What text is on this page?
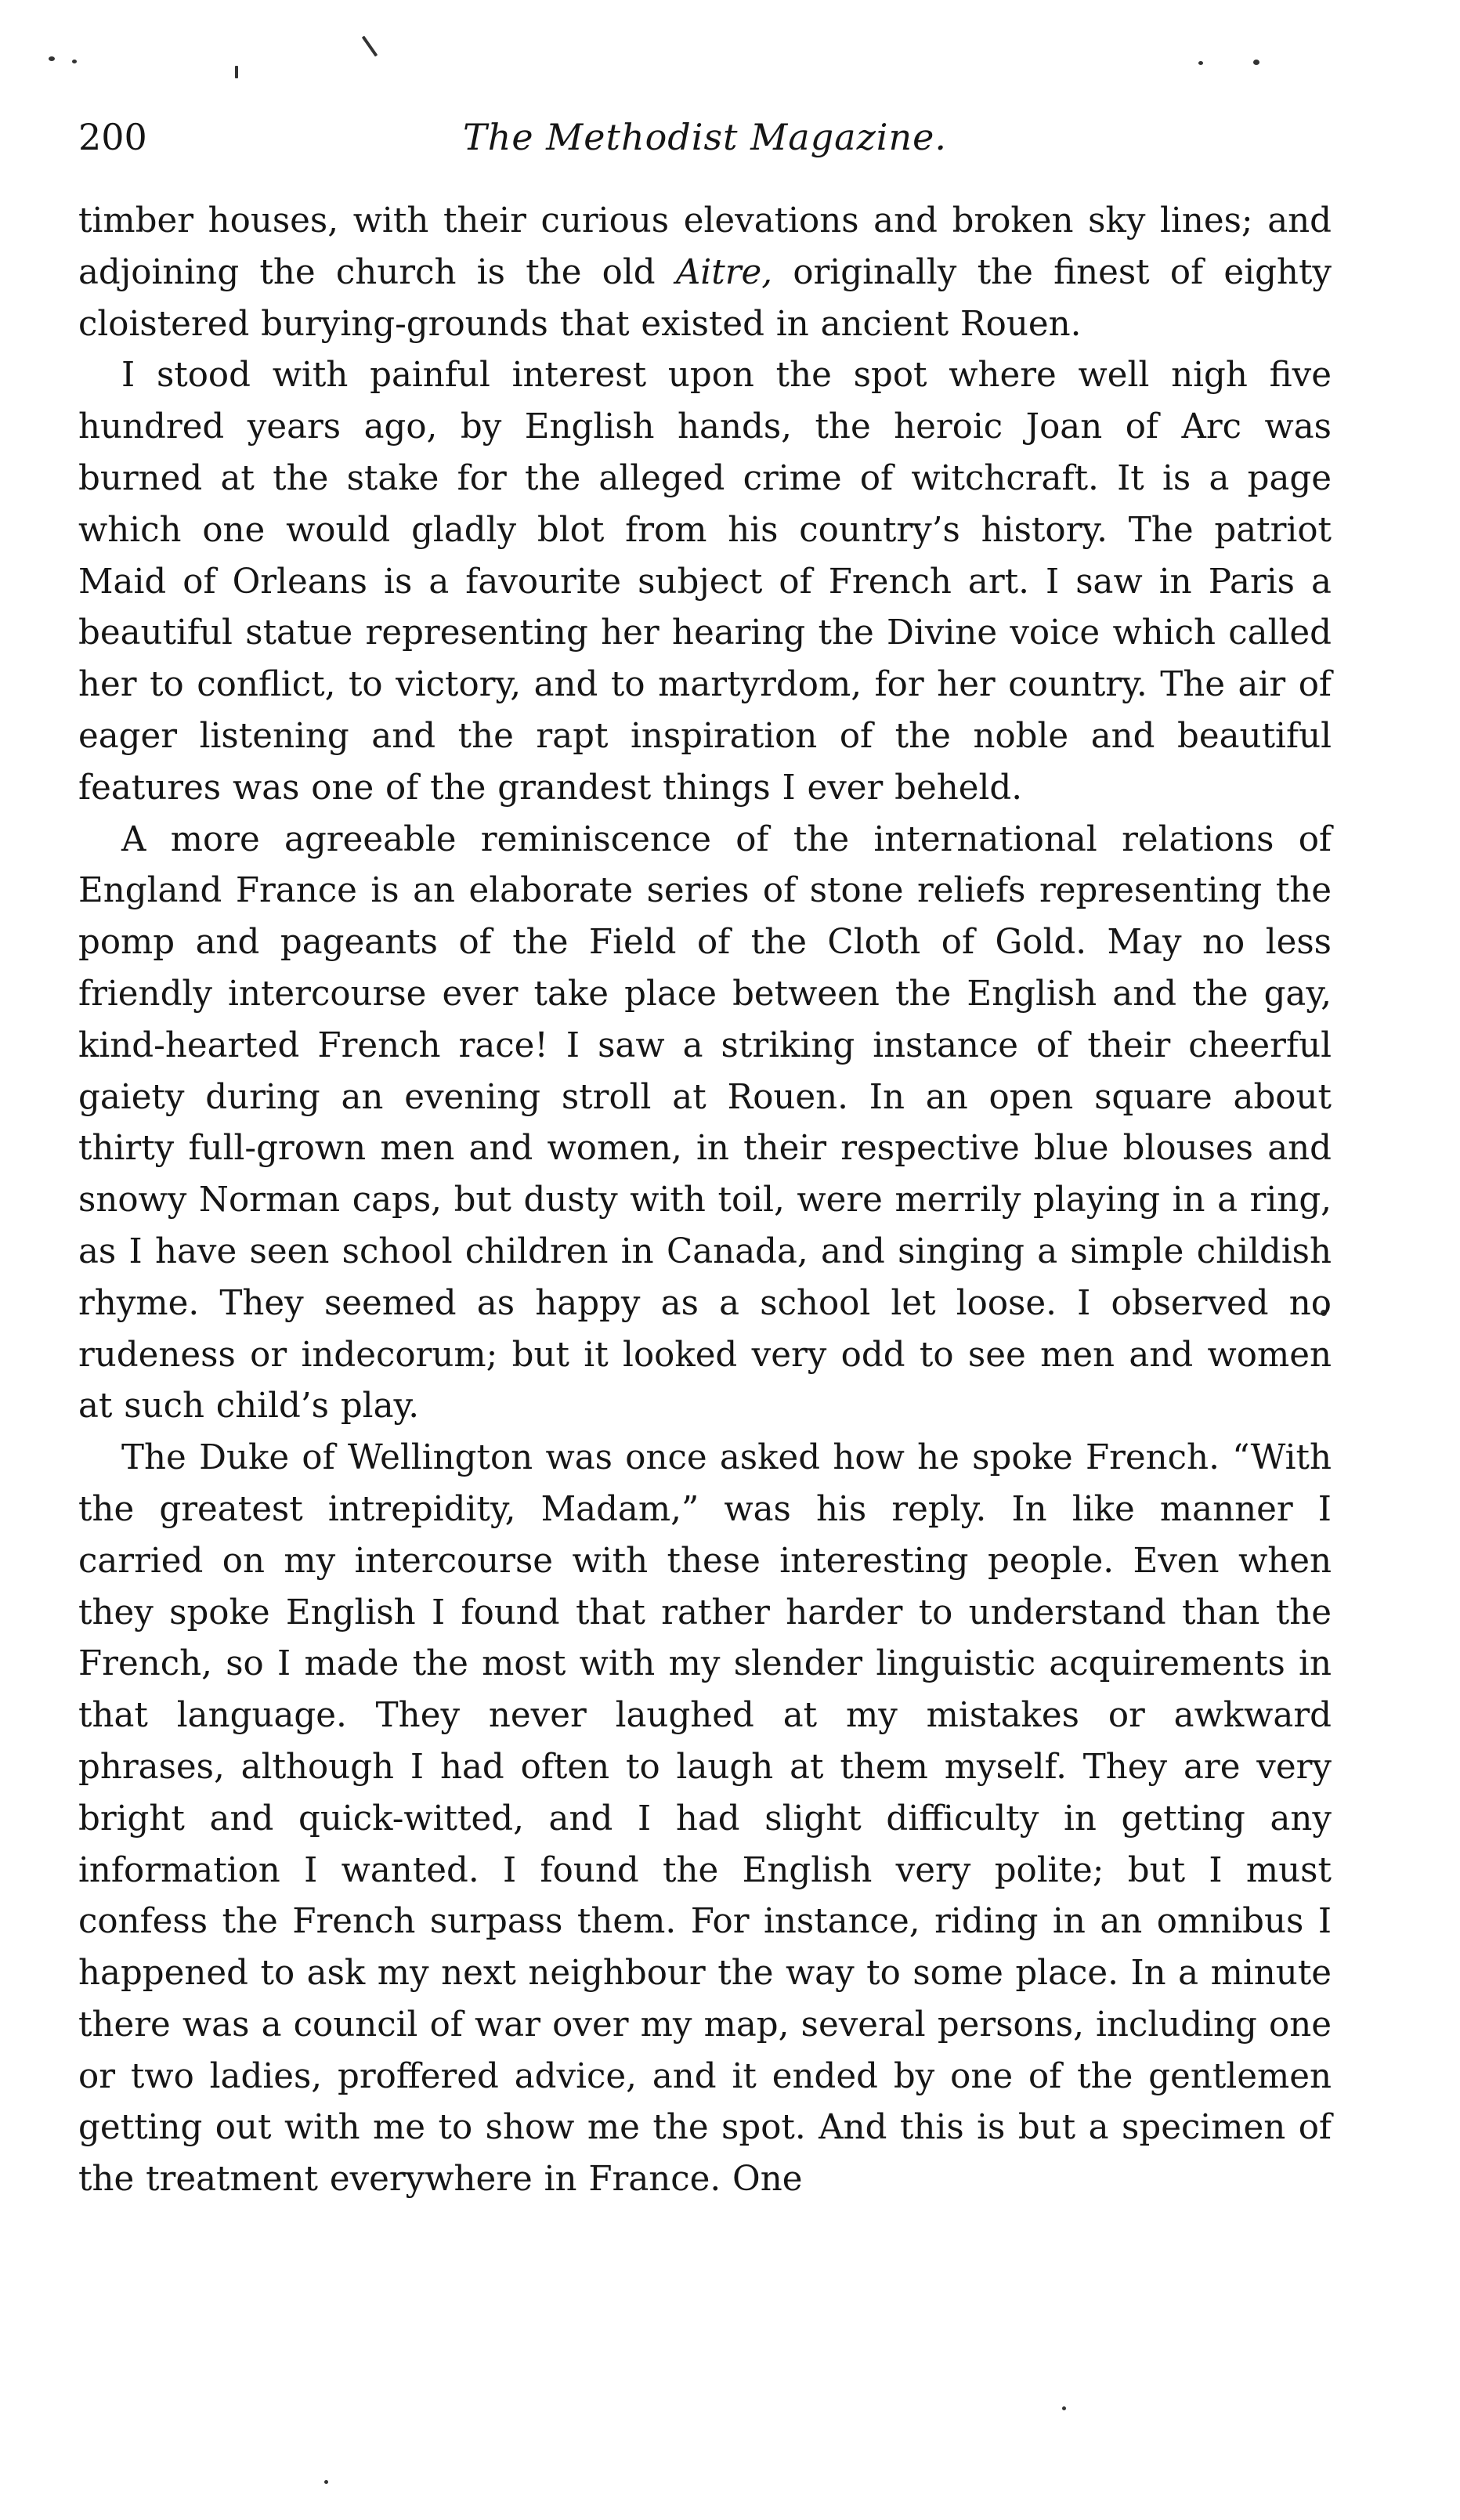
200	The Methodist Magazine.

timber houses, with their curious elevations and broken sky lines; and adjoining the church is the old Aitre, originally the finest of eighty cloistered burying-grounds that existed in ancient Rouen.

I stood with painful interest upon the spot where well nigh five hundred years ago, by English hands, the heroic Joan of Arc was burned at the stake for the alleged crime of witchcraft. It is a page which one would gladly blot from his country’s history. The patriot Maid of Orleans is a favourite subject of French art. I saw in Paris a beautiful statue representing her hearing the Divine voice which called her to conflict, to victory, and to martyrdom, for her country. The air of eager listening and the rapt inspiration of the noble and beautiful features was one of the grandest things I ever beheld.

A more agreeable reminiscence of the international relations of England France is an elaborate series of stone reliefs representing the pomp and pageants of the Field of the Cloth of Gold. May no less friendly intercourse ever take place between the English and the gay, kind-hearted French race! I saw a striking instance of their cheerful gaiety during an evening stroll at Rouen. In an open square about thirty full-grown men and women, in their respective blue blouses and snowy Norman caps, but dusty with toil, were merrily playing in a ring, as I have seen school children in Canada, and singing a simple childish rhyme. They seemed as happy as a school let loose. I observed no rudeness or indecorum; but it looked very odd to see men and women at such child’s play.

The Duke of Wellington was once asked how he spoke French. “With the greatest intrepidity, Madam,” was his reply. In like manner I carried on my intercourse with these interesting people. Even when they spoke English I found that rather harder to understand than the French, so I made the most with my slender linguistic acquirements in that language. They never laughed at my mistakes or awkward phrases, although I had often to laugh at them myself. They are very bright and quick-witted, and I had slight difficulty in getting any information I wanted. I found the English very polite; but I must confess the French surpass them. For instance, riding in an omnibus I happened to ask my next neighbour the way to some place. In a minute there was a council of war over my map, several persons, including one or two ladies, proffered advice, and it ended by one of the gentlemen getting out with me to show me the spot. And this is but a specimen of the treatment everywhere in France. One
